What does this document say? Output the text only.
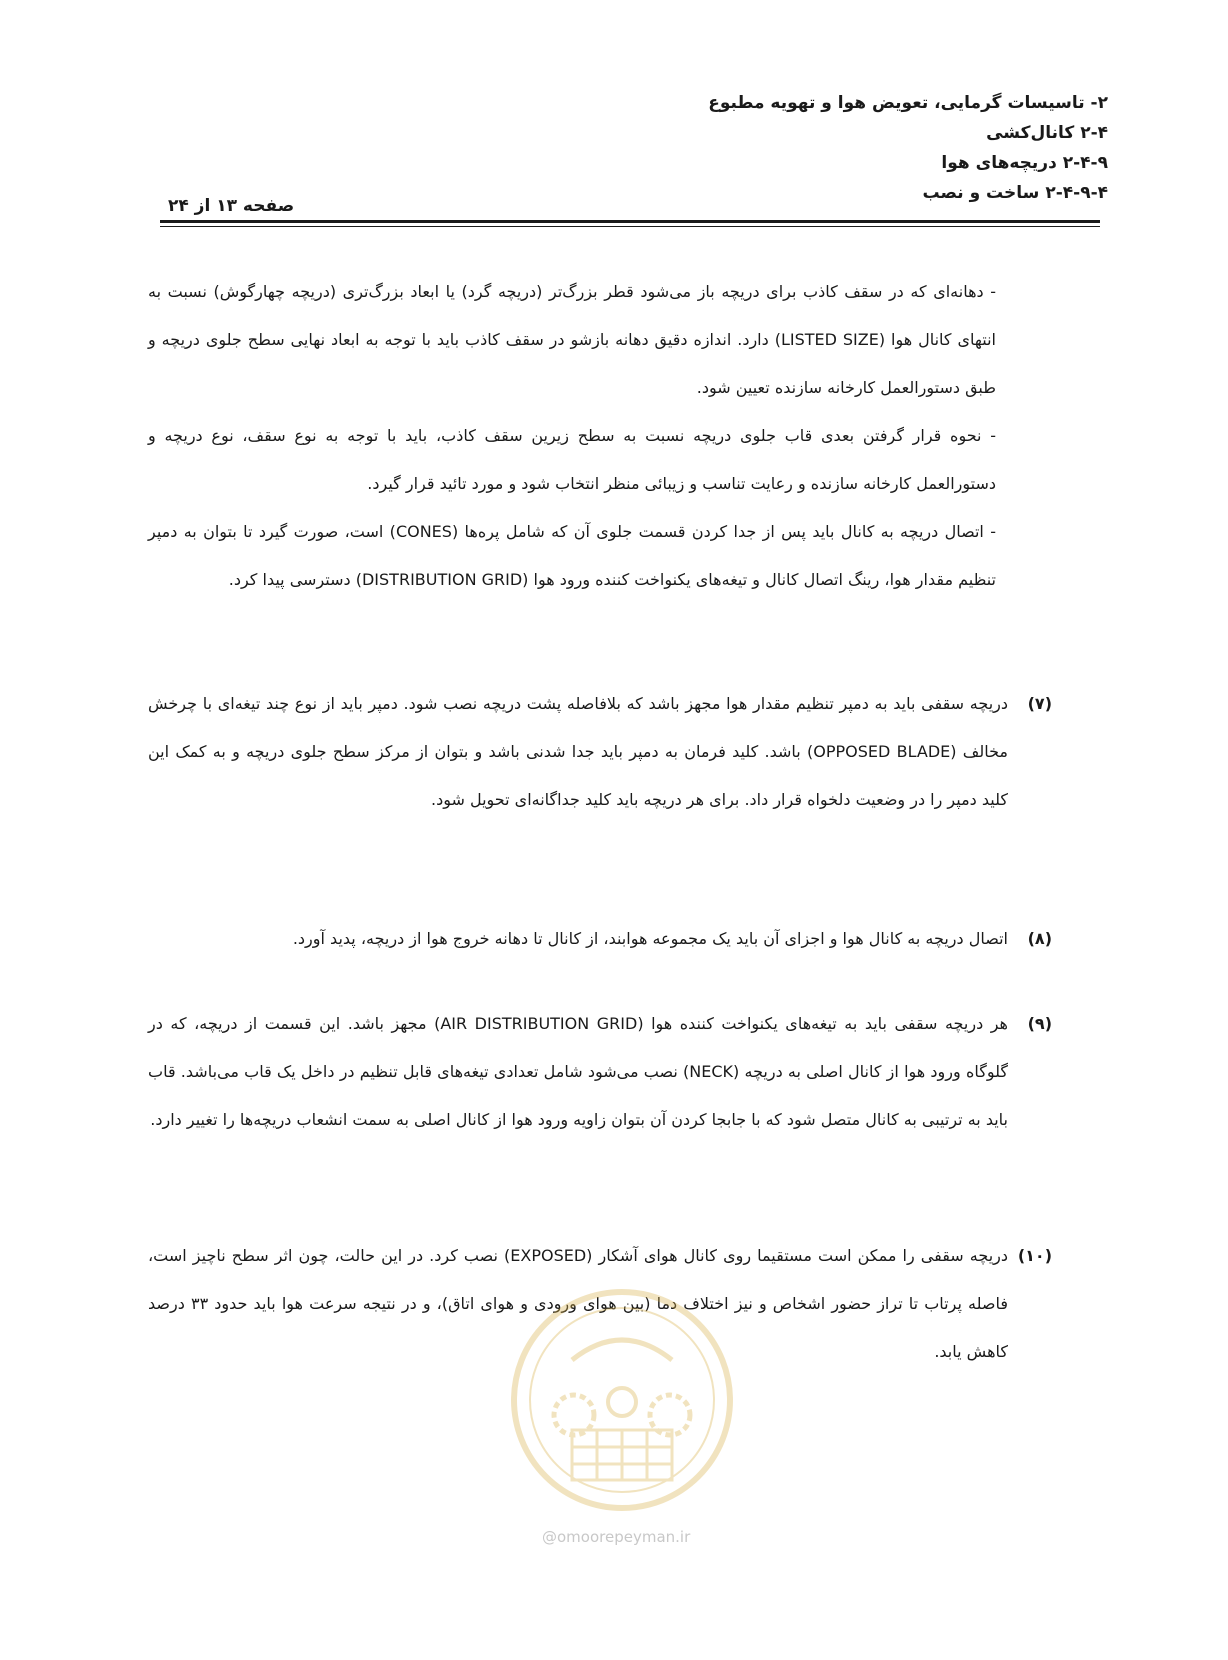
۲- تاسیسات گرمایی، تعویض هوا و تهویه مطبوع
۲-۴ کانال‌کشی
۲-۴-۹ دریچه‌های هوا
۲-۴-۹-۴ ساخت و نصب
صفحه ۱۳ از ۲۴

- دهانه‌ای که در سقف کاذب برای دریچه باز می‌شود قطر بزرگ‌تر (دریچه گرد) یا ابعاد بزرگ‌تری (دریچه چهارگوش) نسبت به انتهای کانال هوا (LISTED SIZE) دارد. اندازه دقیق دهانه بازشو در سقف کاذب باید با توجه به ابعاد نهایی سطح جلوی دریچه و طبق دستورالعمل کارخانه سازنده تعیین شود.

- نحوه قرار گرفتن بعدی قاب جلوی دریچه نسبت به سطح زیرین سقف کاذب، باید با توجه به نوع سقف، نوع دریچه و دستورالعمل کارخانه سازنده و رعایت تناسب و زیبائی منظر انتخاب شود و مورد تائید قرار گیرد.

- اتصال دریچه به کانال باید پس از جدا کردن قسمت جلوی آن که شامل پره‌ها (CONES) است، صورت گیرد تا بتوان به دمپر تنظیم مقدار هوا، رینگ اتصال کانال و تیغه‌های یکنواخت کننده ورود هوا (DISTRIBUTION GRID) دسترسی پیدا کرد.

(۷)
دریچه سقفی باید به دمپر تنظیم مقدار هوا مجهز باشد که بلافاصله پشت دریچه نصب شود. دمپر باید از نوع چند تیغه‌ای با چرخش مخالف (OPPOSED BLADE) باشد. کلید فرمان به دمپر باید جدا شدنی باشد و بتوان از مرکز سطح جلوی دریچه و به کمک این کلید دمپر را در وضعیت دلخواه قرار داد. برای هر دریچه باید کلید جداگانه‌ای تحویل شود.
(۸)
اتصال دریچه به کانال هوا و اجزای آن باید یک مجموعه هوابند، از کانال تا دهانه خروج هوا از دریچه، پدید آورد.
(۹)
هر دریچه سقفی باید به تیغه‌های یکنواخت کننده هوا (AIR DISTRIBUTION GRID) مجهز باشد. این قسمت از دریچه، که در گلوگاه ورود هوا از کانال اصلی به دریچه (NECK) نصب می‌شود شامل تعدادی تیغه‌های قابل تنظیم در داخل یک قاب می‌باشد. قاب باید به ترتیبی به کانال متصل شود که با جابجا کردن آن بتوان زاویه ورود هوا از کانال اصلی به سمت انشعاب دریچه‌ها را تغییر دارد.
(۱۰)
دریچه سقفی را ممکن است مستقیما روی کانال هوای آشکار (EXPOSED) نصب کرد. در این حالت، چون اثر سطح ناچیز است، فاصله پرتاب تا تراز حضور اشخاص و نیز اختلاف دما (بین هوای ورودی و هوای اتاق)، و در نتیجه سرعت هوا باید حدود ۳۳ درصد کاهش یابد.
@omoorepeyman.ir
